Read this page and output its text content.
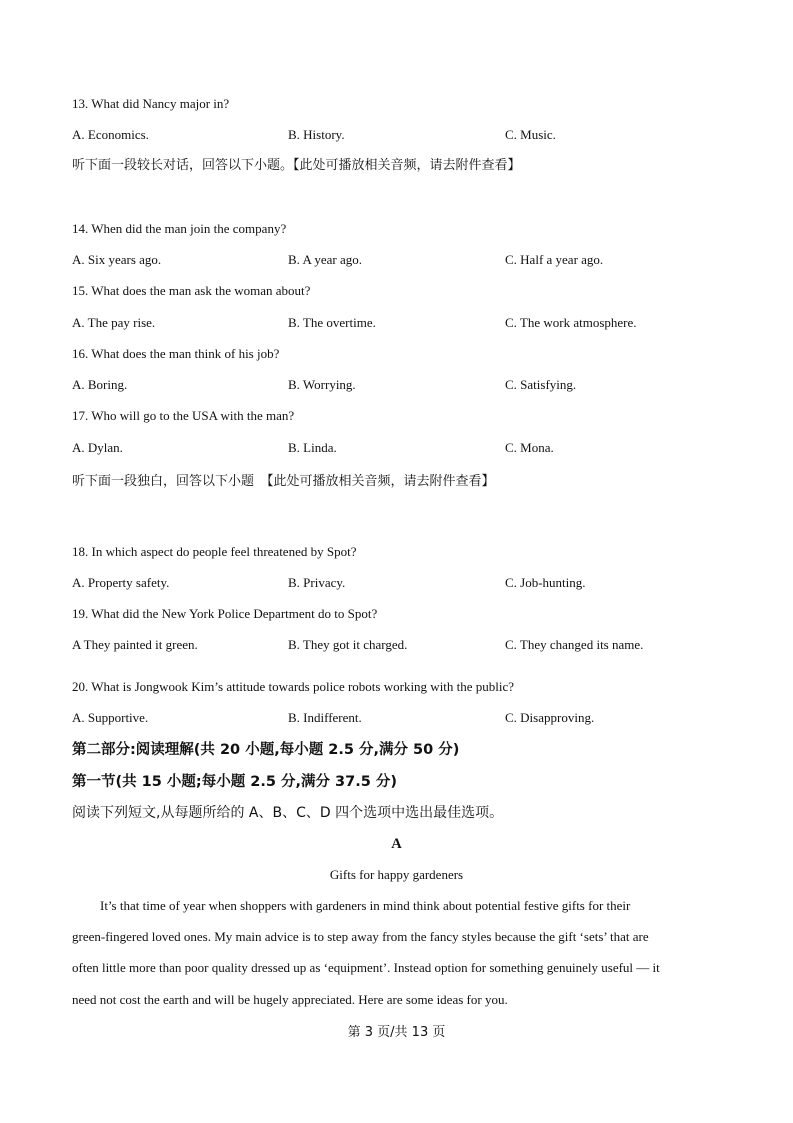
13. What did Nancy major in?
A. Economics.	B. History.	C. Music.
听下面一段较长对话，回答以下小题。【此处可播放相关音频，请去附件查看】
14. When did the man join the company?
A. Six years ago.	B. A year ago.	C. Half a year ago.
15. What does the man ask the woman about?
A. The pay rise.	B. The overtime.	C. The work atmosphere.
16. What does the man think of his job?
A. Boring.	B. Worrying.	C. Satisfying.
17. Who will go to the USA with the man?
A. Dylan.	B. Linda.	C. Mona.
听下面一段独白，回答以下小题　【此处可播放相关音频，请去附件查看】
18. In which aspect do people feel threatened by Spot?
A. Property safety.	B. Privacy.	C. Job-hunting.
19. What did the New York Police Department do to Spot?
A They painted it green.	B. They got it charged.	C. They changed its name.
20. What is Jongwook Kim’s attitude towards police robots working with the public?
A. Supportive.	B. Indifferent.	C. Disapproving.
第二部分:阅读理解(共 20 小题,每小题 2.5 分,满分 50 分)
第一节(共 15 小题;每小题 2.5 分,满分 37.5 分)
阅读下列短文,从每题所给的 A、B、C、D 四个选项中选出最佳选项。
A
Gifts for happy gardeners
It’s that time of year when shoppers with gardeners in mind think about potential festive gifts for their
green-fingered loved ones. My main advice is to step away from the fancy styles because the gift ‘sets’ that are
often little more than poor quality dressed up as ‘equipment’. Instead option for something genuinely useful — it
need not cost the earth and will be hugely appreciated. Here are some ideas for you.
第 3 页/共 13 页
